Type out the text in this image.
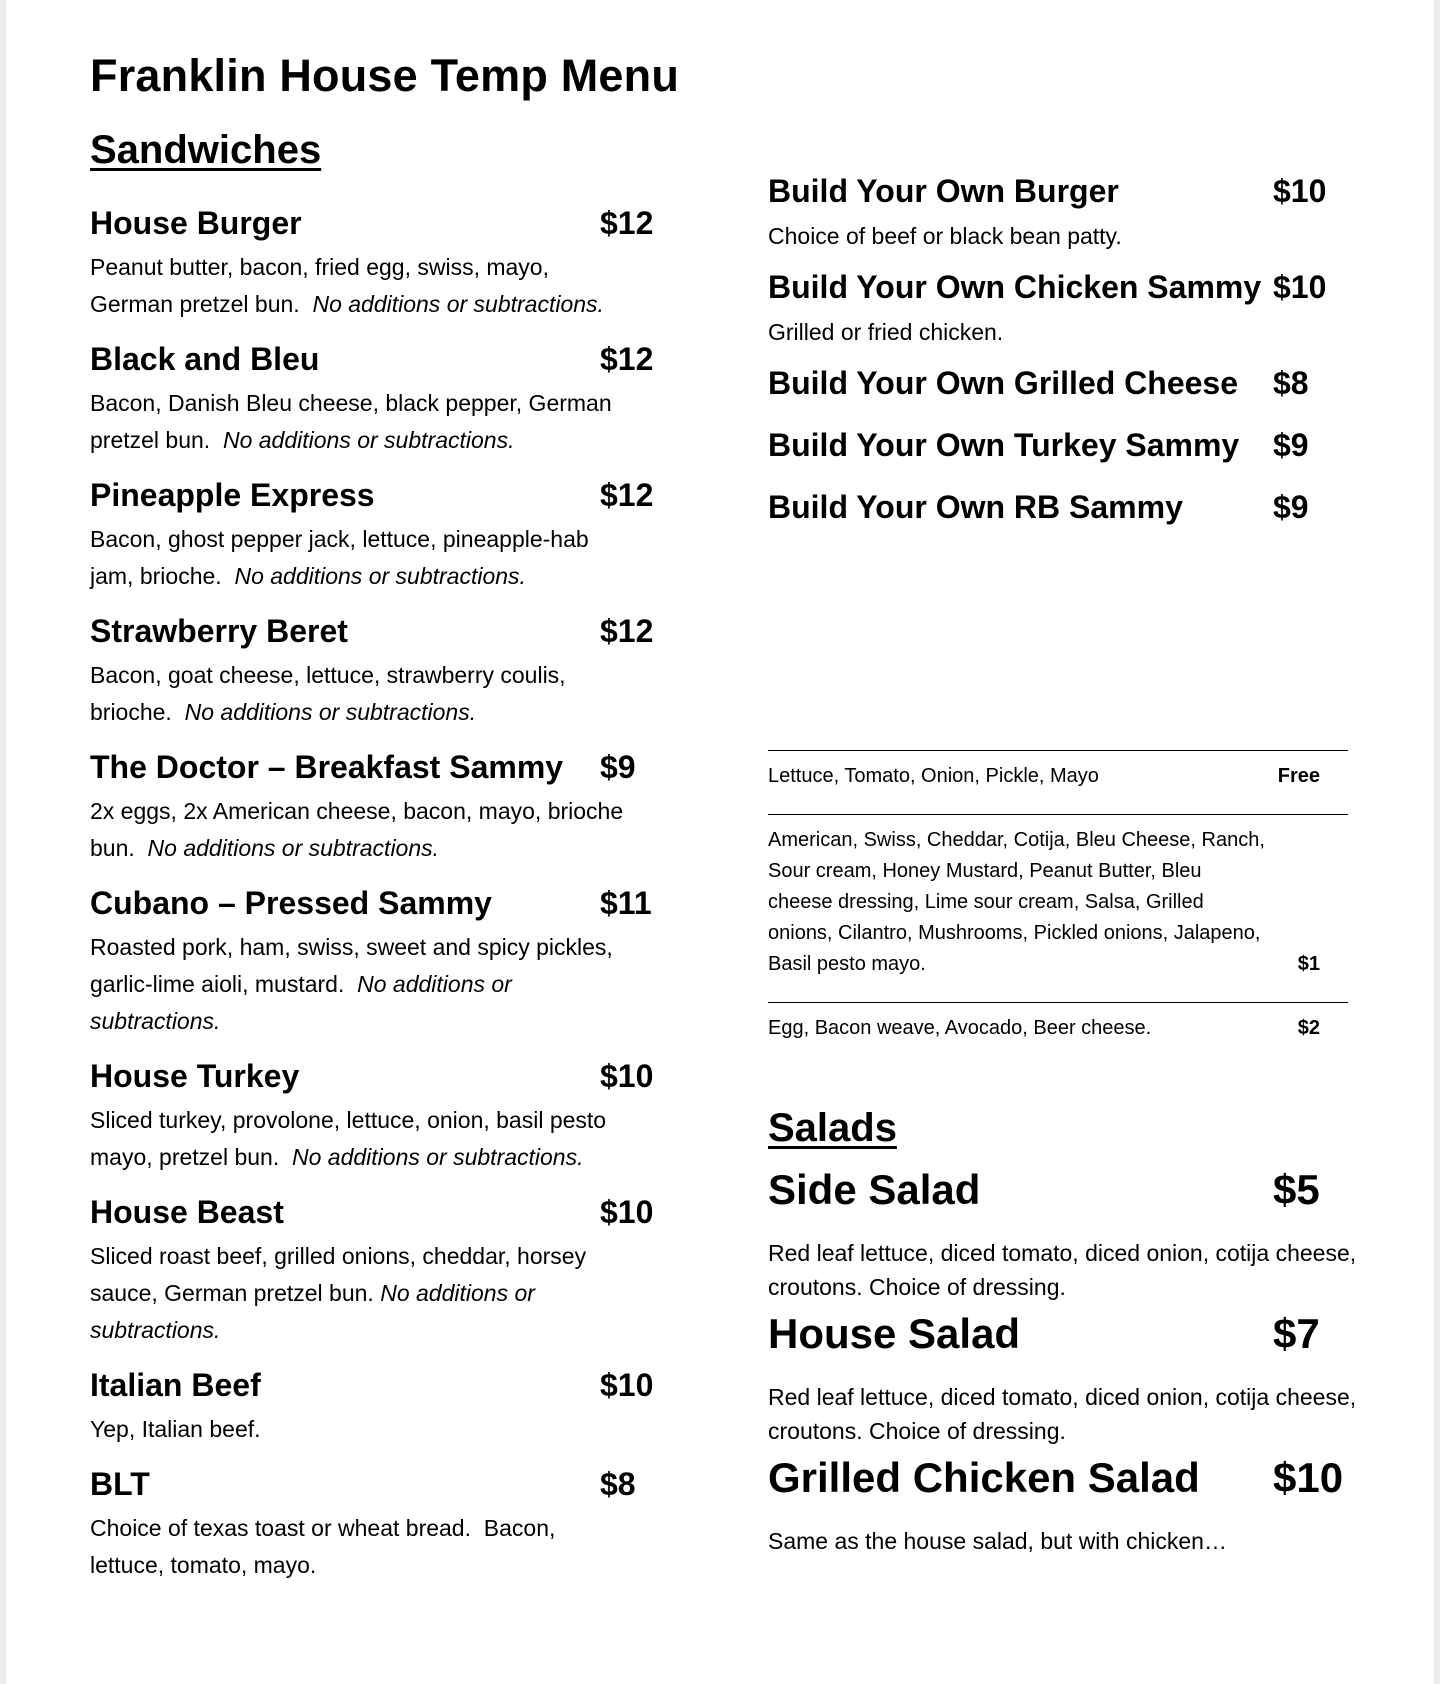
Franklin House Temp Menu
Sandwiches
House Burger	$12
Peanut butter, bacon, fried egg, swiss, mayo,
German pretzel bun.  No additions or subtractions.
Black and Bleu	$12
Bacon, Danish Bleu cheese, black pepper, German
pretzel bun.  No additions or subtractions.
Pineapple Express	$12
Bacon, ghost pepper jack, lettuce, pineapple-hab
jam, brioche.  No additions or subtractions.
Strawberry Beret	$12
Bacon, goat cheese, lettuce, strawberry coulis,
brioche.  No additions or subtractions.
The Doctor – Breakfast Sammy	$9
2x eggs, 2x American cheese, bacon, mayo, brioche
bun.  No additions or subtractions.
Cubano – Pressed Sammy	$11
Roasted pork, ham, swiss, sweet and spicy pickles,
garlic-lime aioli, mustard.  No additions or
subtractions.
House Turkey	$10
Sliced turkey, provolone, lettuce, onion, basil pesto
mayo, pretzel bun.  No additions or subtractions.
House Beast	$10
Sliced roast beef, grilled onions, cheddar, horsey
sauce, German pretzel bun. No additions or
subtractions.
Italian Beef	$10
Yep, Italian beef.
BLT	$8
Choice of texas toast or wheat bread.  Bacon,
lettuce, tomato, mayo.
Build Your Own Burger	$10
Choice of beef or black bean patty.
Build Your Own Chicken Sammy $10
Grilled or fried chicken.
Build Your Own Grilled Cheese	$8
Build Your Own Turkey Sammy	$9
Build Your Own RB Sammy	$9
Lettuce, Tomato, Onion, Pickle, Mayo	Free
American, Swiss, Cheddar, Cotija, Bleu Cheese, Ranch, Sour cream, Honey Mustard, Peanut Butter, Bleu cheese dressing, Lime sour cream, Salsa, Grilled onions, Cilantro, Mushrooms, Pickled onions, Jalapeno, Basil pesto mayo.	$1
Egg, Bacon weave, Avocado, Beer cheese.	$2
Salads
Side Salad	$5
Red leaf lettuce, diced tomato, diced onion, cotija cheese, croutons. Choice of dressing.
House Salad	$7
Red leaf lettuce, diced tomato, diced onion, cotija cheese, croutons. Choice of dressing.
Grilled Chicken Salad	$10
Same as the house salad, but with chicken…
